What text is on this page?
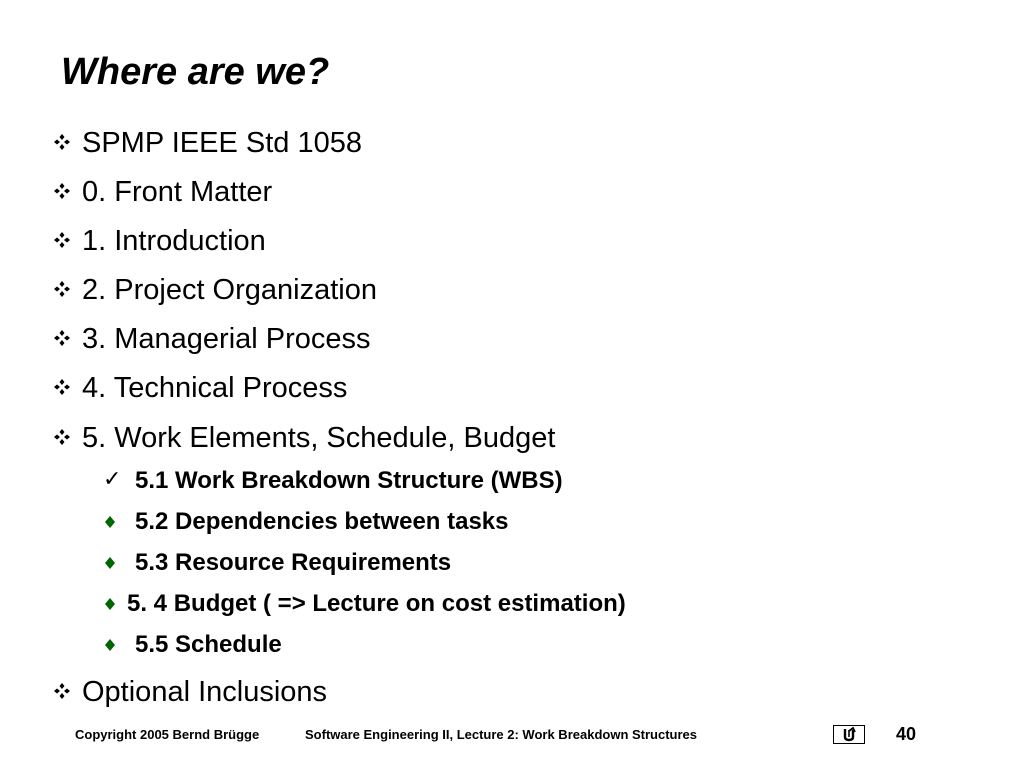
Where are we?
SPMP IEEE Std 1058
0. Front Matter
1. Introduction
2. Project Organization
3. Managerial Process
4. Technical Process
5. Work Elements, Schedule, Budget
✓ 5.1 Work Breakdown Structure (WBS)
5.2 Dependencies between tasks
5.3 Resource Requirements
5. 4 Budget ( => Lecture on cost estimation)
5.5 Schedule
Optional Inclusions
Copyright 2005 Bernd Brügge	Software Engineering II, Lecture 2: Work Breakdown Structures	40
